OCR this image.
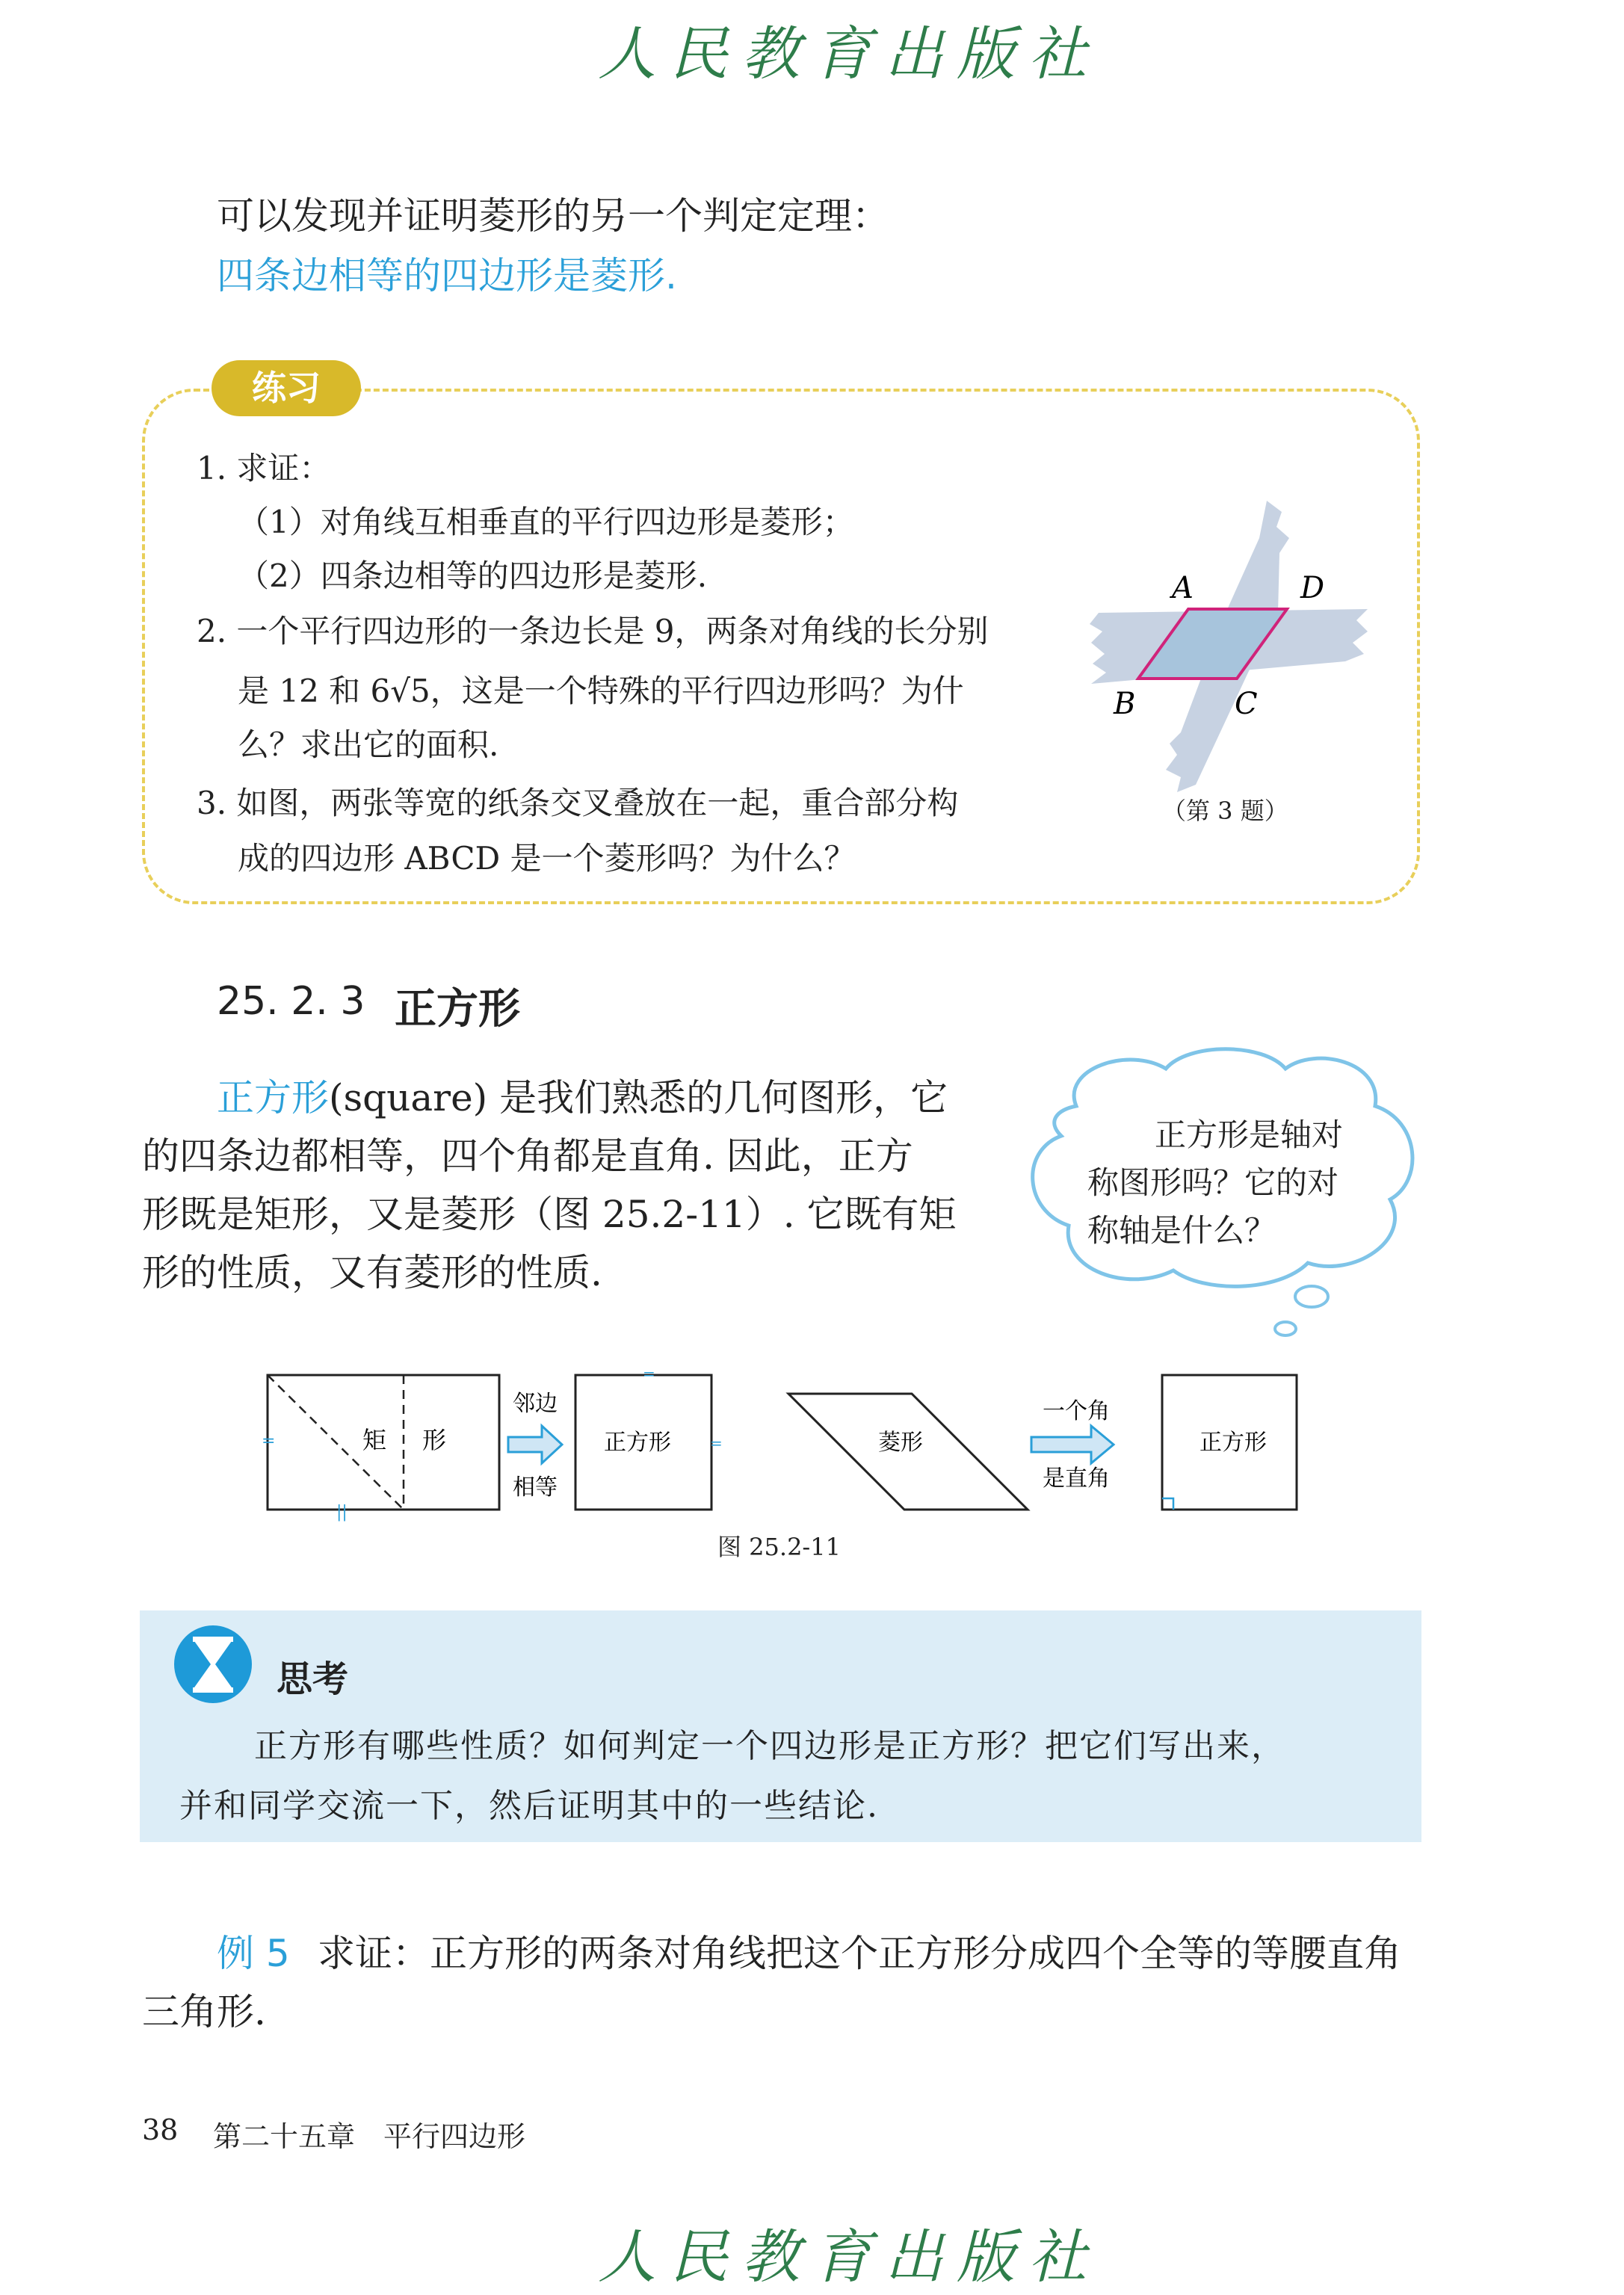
人民教育出版社
可以发现并证明菱形的另一个判定定理：
四条边相等的四边形是菱形.
练习
1. 求证：
（1）对角线互相垂直的平行四边形是菱形；
（2）四条边相等的四边形是菱形.
2. 一个平行四边形的一条边长是 9，两条对角线的长分别
是 12 和 6√5，这是一个特殊的平行四边形吗？为什
么？求出它的面积.
3. 如图，两张等宽的纸条交叉叠放在一起，重合部分构
成的四边形 ABCD 是一个菱形吗？为什么？
A	D
B	C
（第 3 题）
25. 2. 3 正方形
正方形(square) 是我们熟悉的几何图形，它
的四条边都相等，四个角都是直角. 因此，正方
形既是矩形，又是菱形（图 25.2-11）. 它既有矩
形的性质，又有菱形的性质.
正方形是轴对
称图形吗？它的对
称轴是什么？
矩 形
=
||
邻边
相等
正方形
=
=	菱形
一个角
是直角
正方形
图 25.2-11
思考
正方形有哪些性质？如何判定一个四边形是正方形？把它们写出来，
并和同学交流一下，然后证明其中的一些结论.
例 5 求证：正方形的两条对角线把这个正方形分成四个全等的等腰直角
三角形.
38 第二十五章　平行四边形
人民教育出版社
